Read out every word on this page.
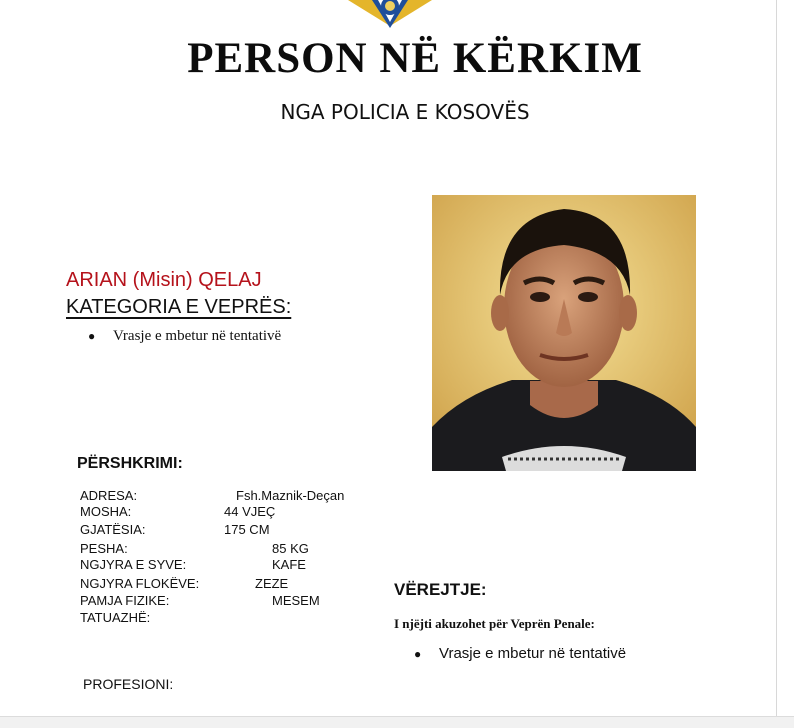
PERSON NË KËRKIM
NGA POLICIA E KOSOVËS
ARIAN (Misin) QELAJ
KATEGORIA E VEPRËS:
● Vrasje e mbetur në tentativë
PËRSHKRIMI:
ADRESA:	Fsh.Maznik-Deçan
MOSHA:	44 VJEÇ
GJATËSIA:	175 CM
PESHA:	85 KG
NGJYRA E SYVE:	KAFE
NGJYRA FLOKËVE:	ZEZE
PAMJA FIZIKE:	MESEM
TATUAZHË:
VËREJTJE:
I njëjti akuzohet për Veprën Penale:
● Vrasje e mbetur në tentativë
PROFESIONI:
